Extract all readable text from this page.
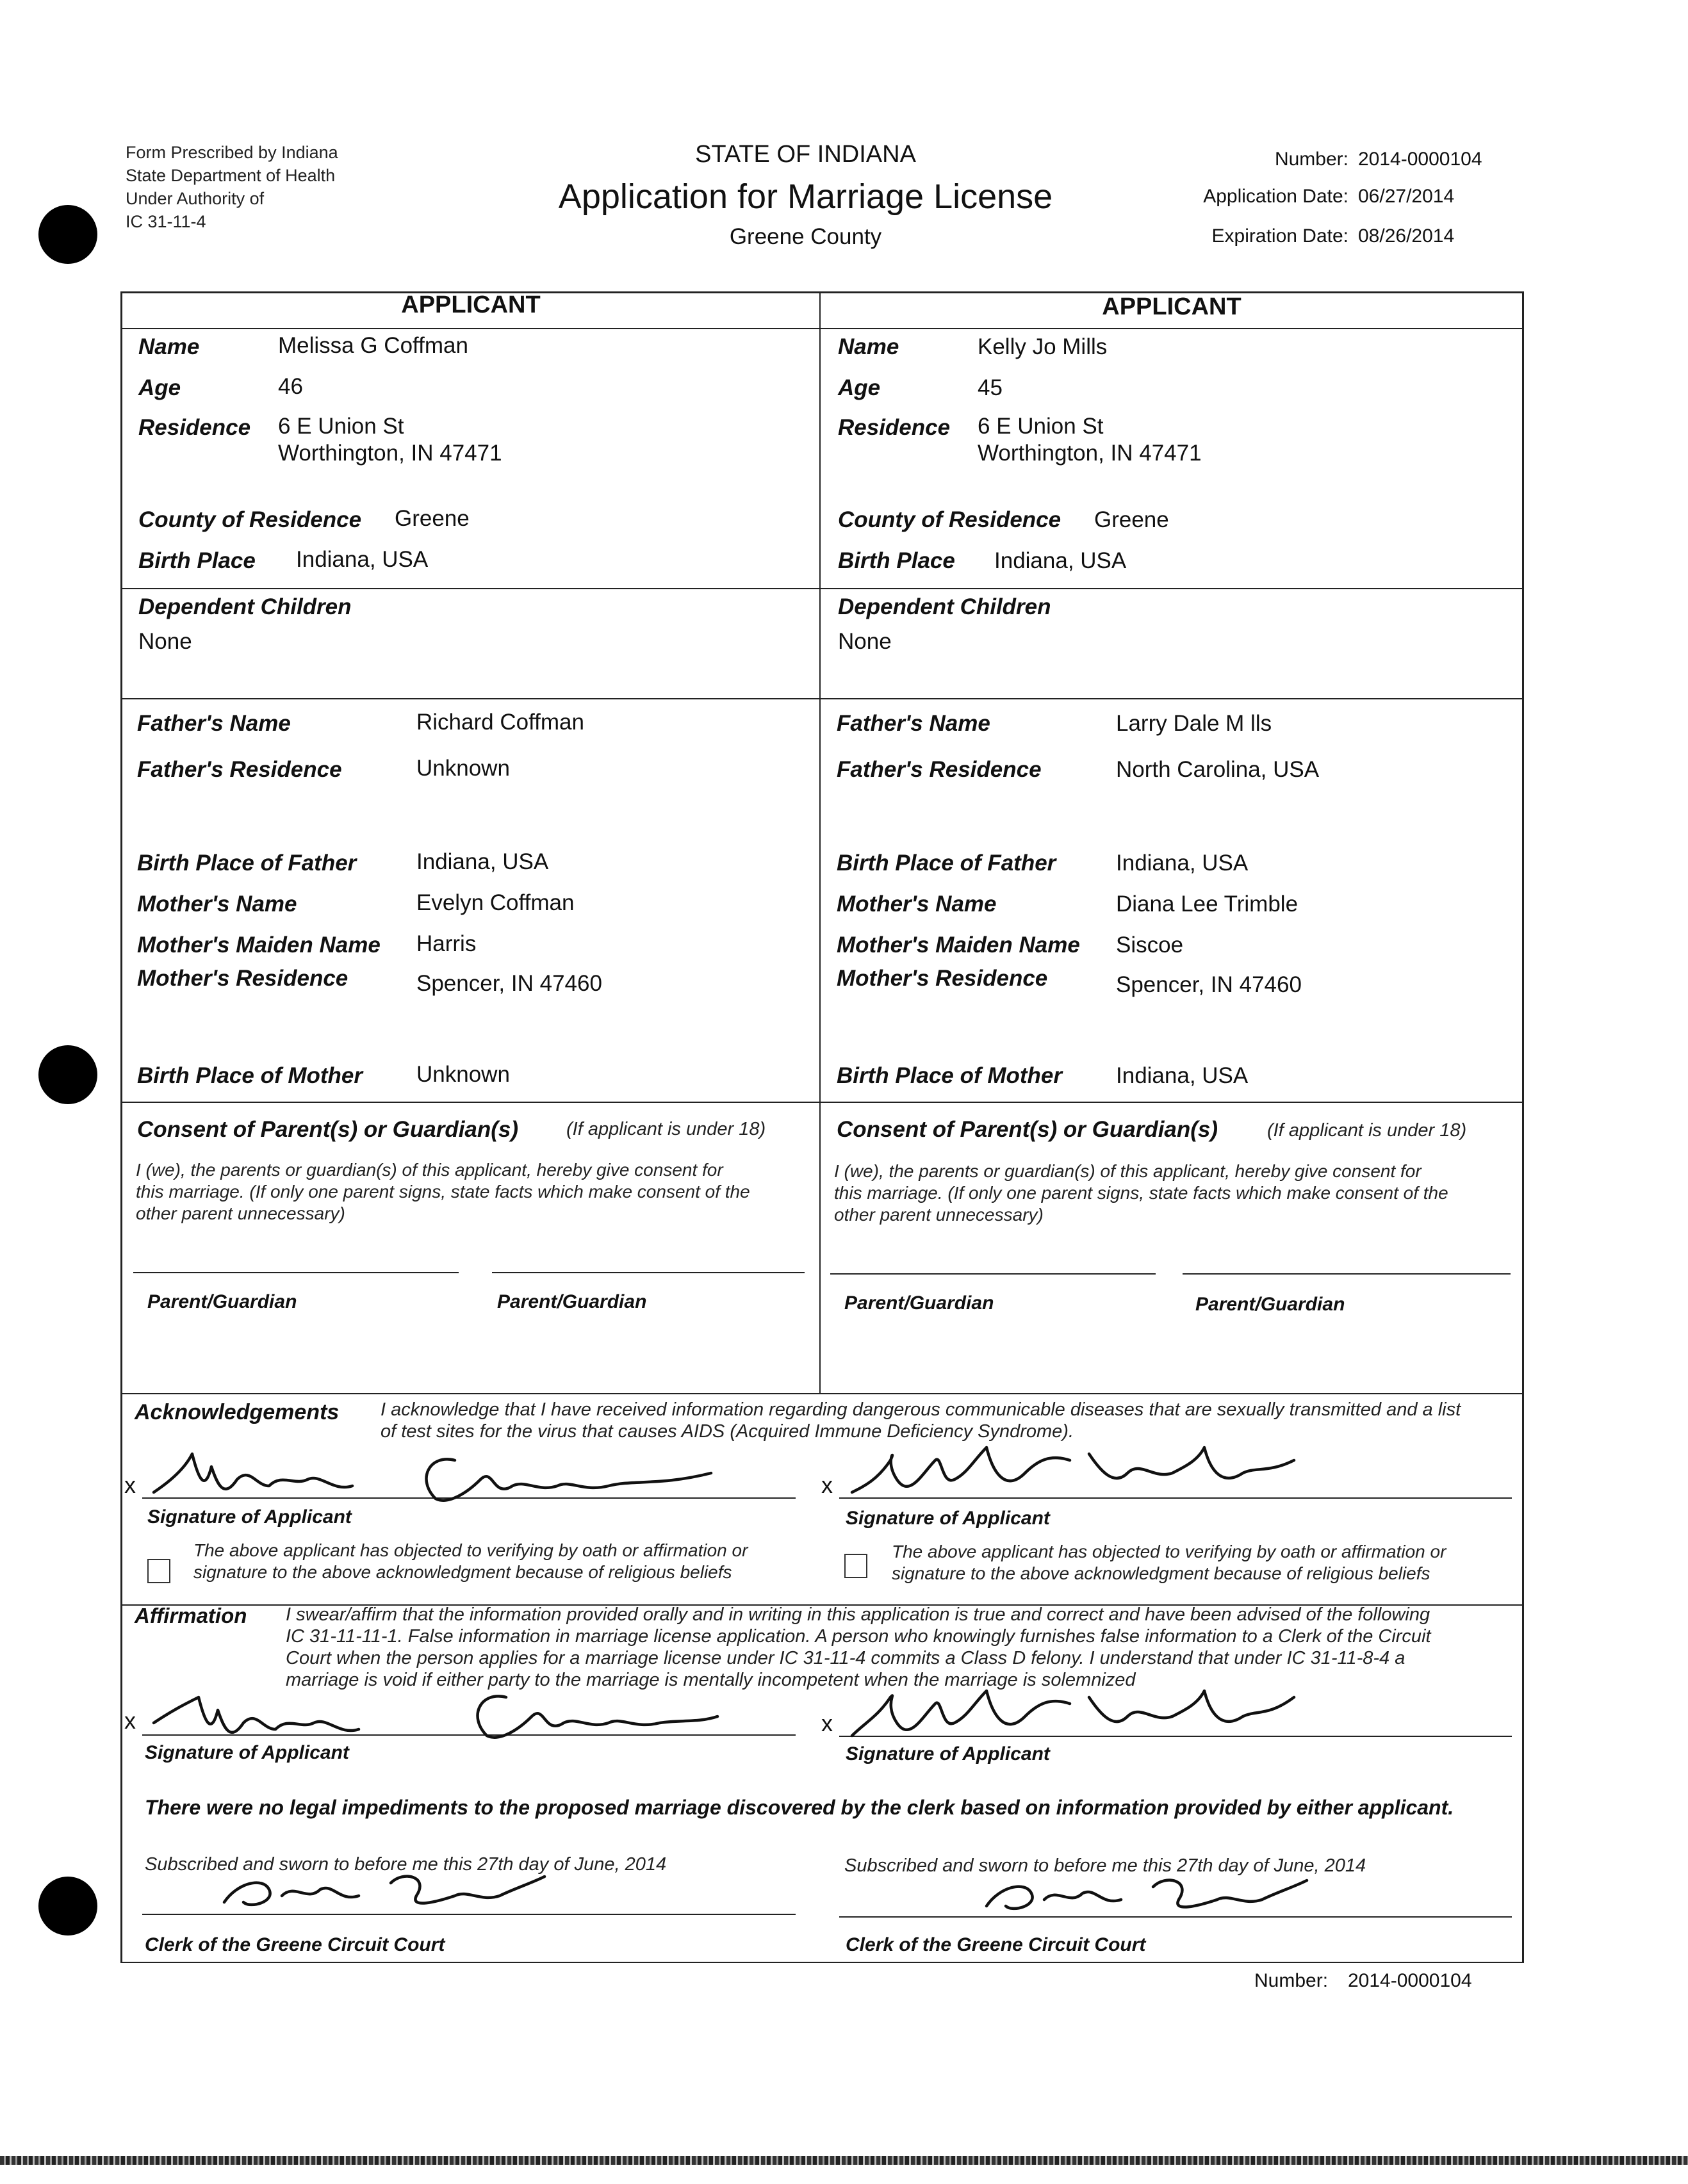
Form Prescribed by Indiana
State Department of Health
Under Authority of
IC 31-11-4
STATE OF INDIANA
Application for Marriage License
Greene County
Number: 2014-0000104
Application Date: 06/27/2014
Expiration Date: 08/26/2014
APPLICANT
Name	Melissa G Coffman
Age	46
Residence 6 E Union St
Worthington, IN 47471
County of Residence Greene
Birth Place Indiana, USA
Dependent Children
None
Father's Name	Richard Coffman
Father's Residence	Unknown
Birth Place of Father	Indiana, USA
Mother's Name	Evelyn Coffman
Mother's Maiden Name Harris
Mother's Residence	Spencer, IN 47460
Birth Place of Mother Unknown
Consent of Parent(s) or Guardian(s)	(If applicant is under 18)
I (we), the parents or guardian(s) of this applicant, hereby give consent for
this marriage. (If only one parent signs, state facts which make consent of the
other parent unnecessary)
Parent/Guardian	Parent/Guardian
APPLICANT
Name	Kelly Jo Mills
Age	45
Residence 6 E Union St
Worthington, IN 47471
County of Residence Greene
Birth Place Indiana, USA
Dependent Children
None
Father's Name	Larry Dale M lls
Father's Residence	North Carolina, USA
Birth Place of Father	Indiana, USA
Mother's Name	Diana Lee Trimble
Mother's Maiden Name Siscoe
Mother's Residence	Spencer, IN 47460
Birth Place of Mother Indiana, USA
Consent of Parent(s) or Guardian(s)	(If applicant is under 18)
I (we), the parents or guardian(s) of this applicant, hereby give consent for
this marriage. (If only one parent signs, state facts which make consent of the
other parent unnecessary)
Parent/Guardian	Parent/Guardian
Acknowledgements I acknowledge that I have received information regarding dangerous communicable diseases that are sexually transmitted and a list
of test sites for the virus that causes AIDS (Acquired Immune Deficiency Syndrome).
x
Signature of Applicant
The above applicant has objected to verifying by oath or affirmation or
signature to the above acknowledgment because of religious beliefs
x
Signature of Applicant
The above applicant has objected to verifying by oath or affirmation or
signature to the above acknowledgment because of religious beliefs
Affirmation I swear/affirm that the information provided orally and in writing in this application is true and correct and have been advised of the following
IC 31-11-11-1. False information in marriage license application. A person who knowingly furnishes false information to a Clerk of the Circuit
Court when the person applies for a marriage license under IC 31-11-4 commits a Class D felony. I understand that under IC 31-11-8-4 a
marriage is void if either party to the marriage is mentally incompetent when the marriage is solemnized
x
Signature of Applicant
x
Signature of Applicant
There were no legal impediments to the proposed marriage discovered by the clerk based on information provided by either applicant.
Subscribed and sworn to before me this 27th day of June, 2014
Clerk of the Greene Circuit Court
Subscribed and sworn to before me this 27th day of June, 2014
Clerk of the Greene Circuit Court
Number: 2014-0000104
